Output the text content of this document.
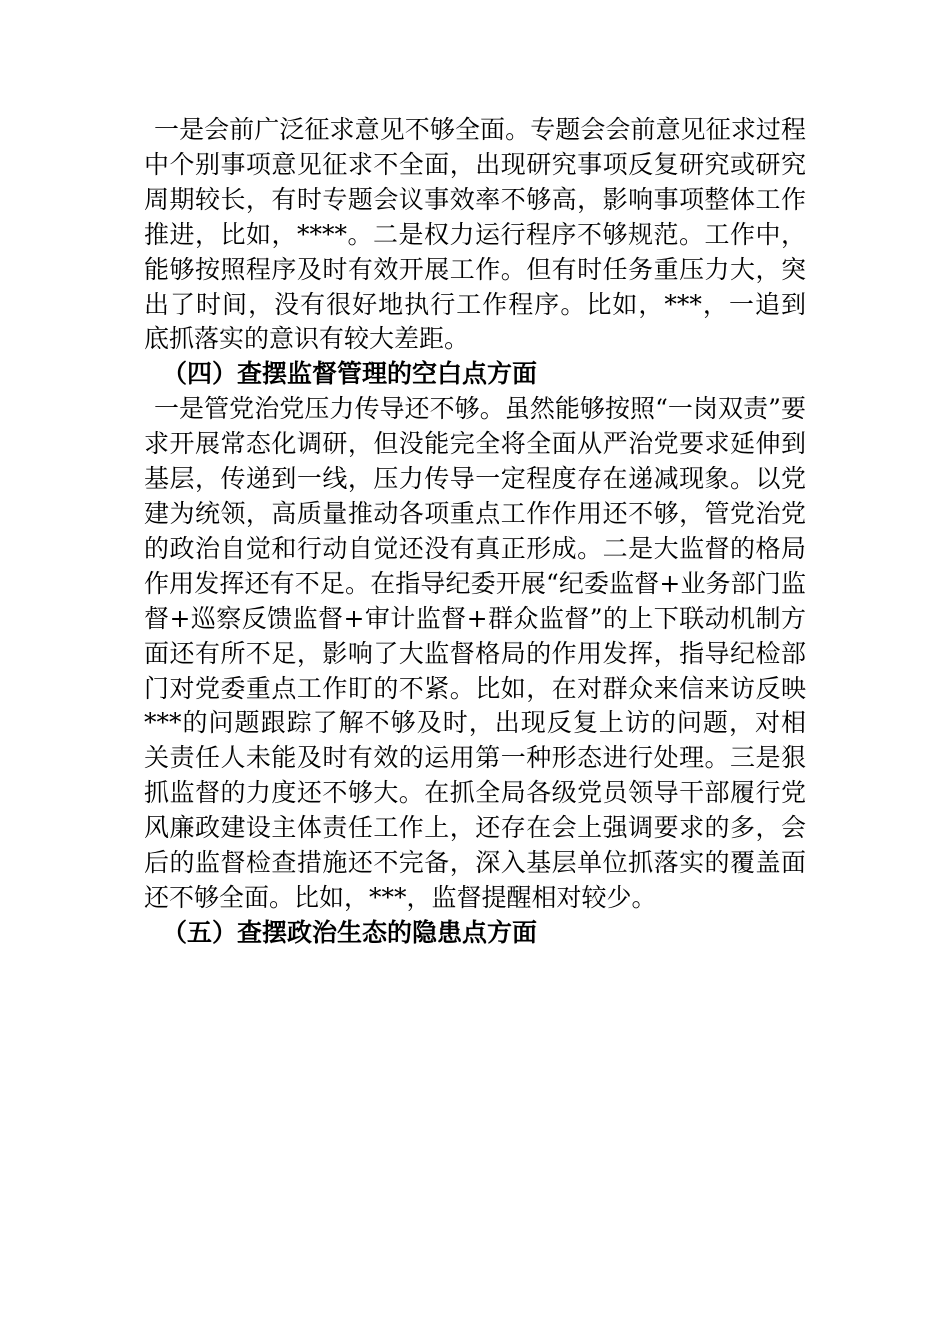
一是会前广泛征求意见不够全面。专题会会前意见征求过程中个别事项意见征求不全面，出现研究事项反复研究或研究周期较长，有时专题会议事效率不够高，影响事项整体工作推进，比如，****。二是权力运行程序不够规范。工作中，能够按照程序及时有效开展工作。但有时任务重压力大，突出了时间，没有很好地执行工作程序。比如，***，一追到底抓落实的意识有较大差距。

（四）查摆监督管理的空白点方面

一是管党治党压力传导还不够。虽然能够按照“一岗双责”要求开展常态化调研，但没能完全将全面从严治党要求延伸到基层，传递到一线，压力传导一定程度存在递减现象。以党建为统领，高质量推动各项重点工作作用还不够，管党治党的政治自觉和行动自觉还没有真正形成。二是大监督的格局作用发挥还有不足。在指导纪委开展“纪委监督+业务部门监督+巡察反馈监督+审计监督+群众监督”的上下联动机制方面还有所不足，影响了大监督格局的作用发挥，指导纪检部门对党委重点工作盯的不紧。比如，在对群众来信来访反映***的问题跟踪了解不够及时，出现反复上访的问题，对相关责任人未能及时有效的运用第一种形态进行处理。三是狠抓监督的力度还不够大。在抓全局各级党员领导干部履行党风廉政建设主体责任工作上，还存在会上强调要求的多，会后的监督检查措施还不完备，深入基层单位抓落实的覆盖面还不够全面。比如，***，监督提醒相对较少。

（五）查摆政治生态的隐患点方面
